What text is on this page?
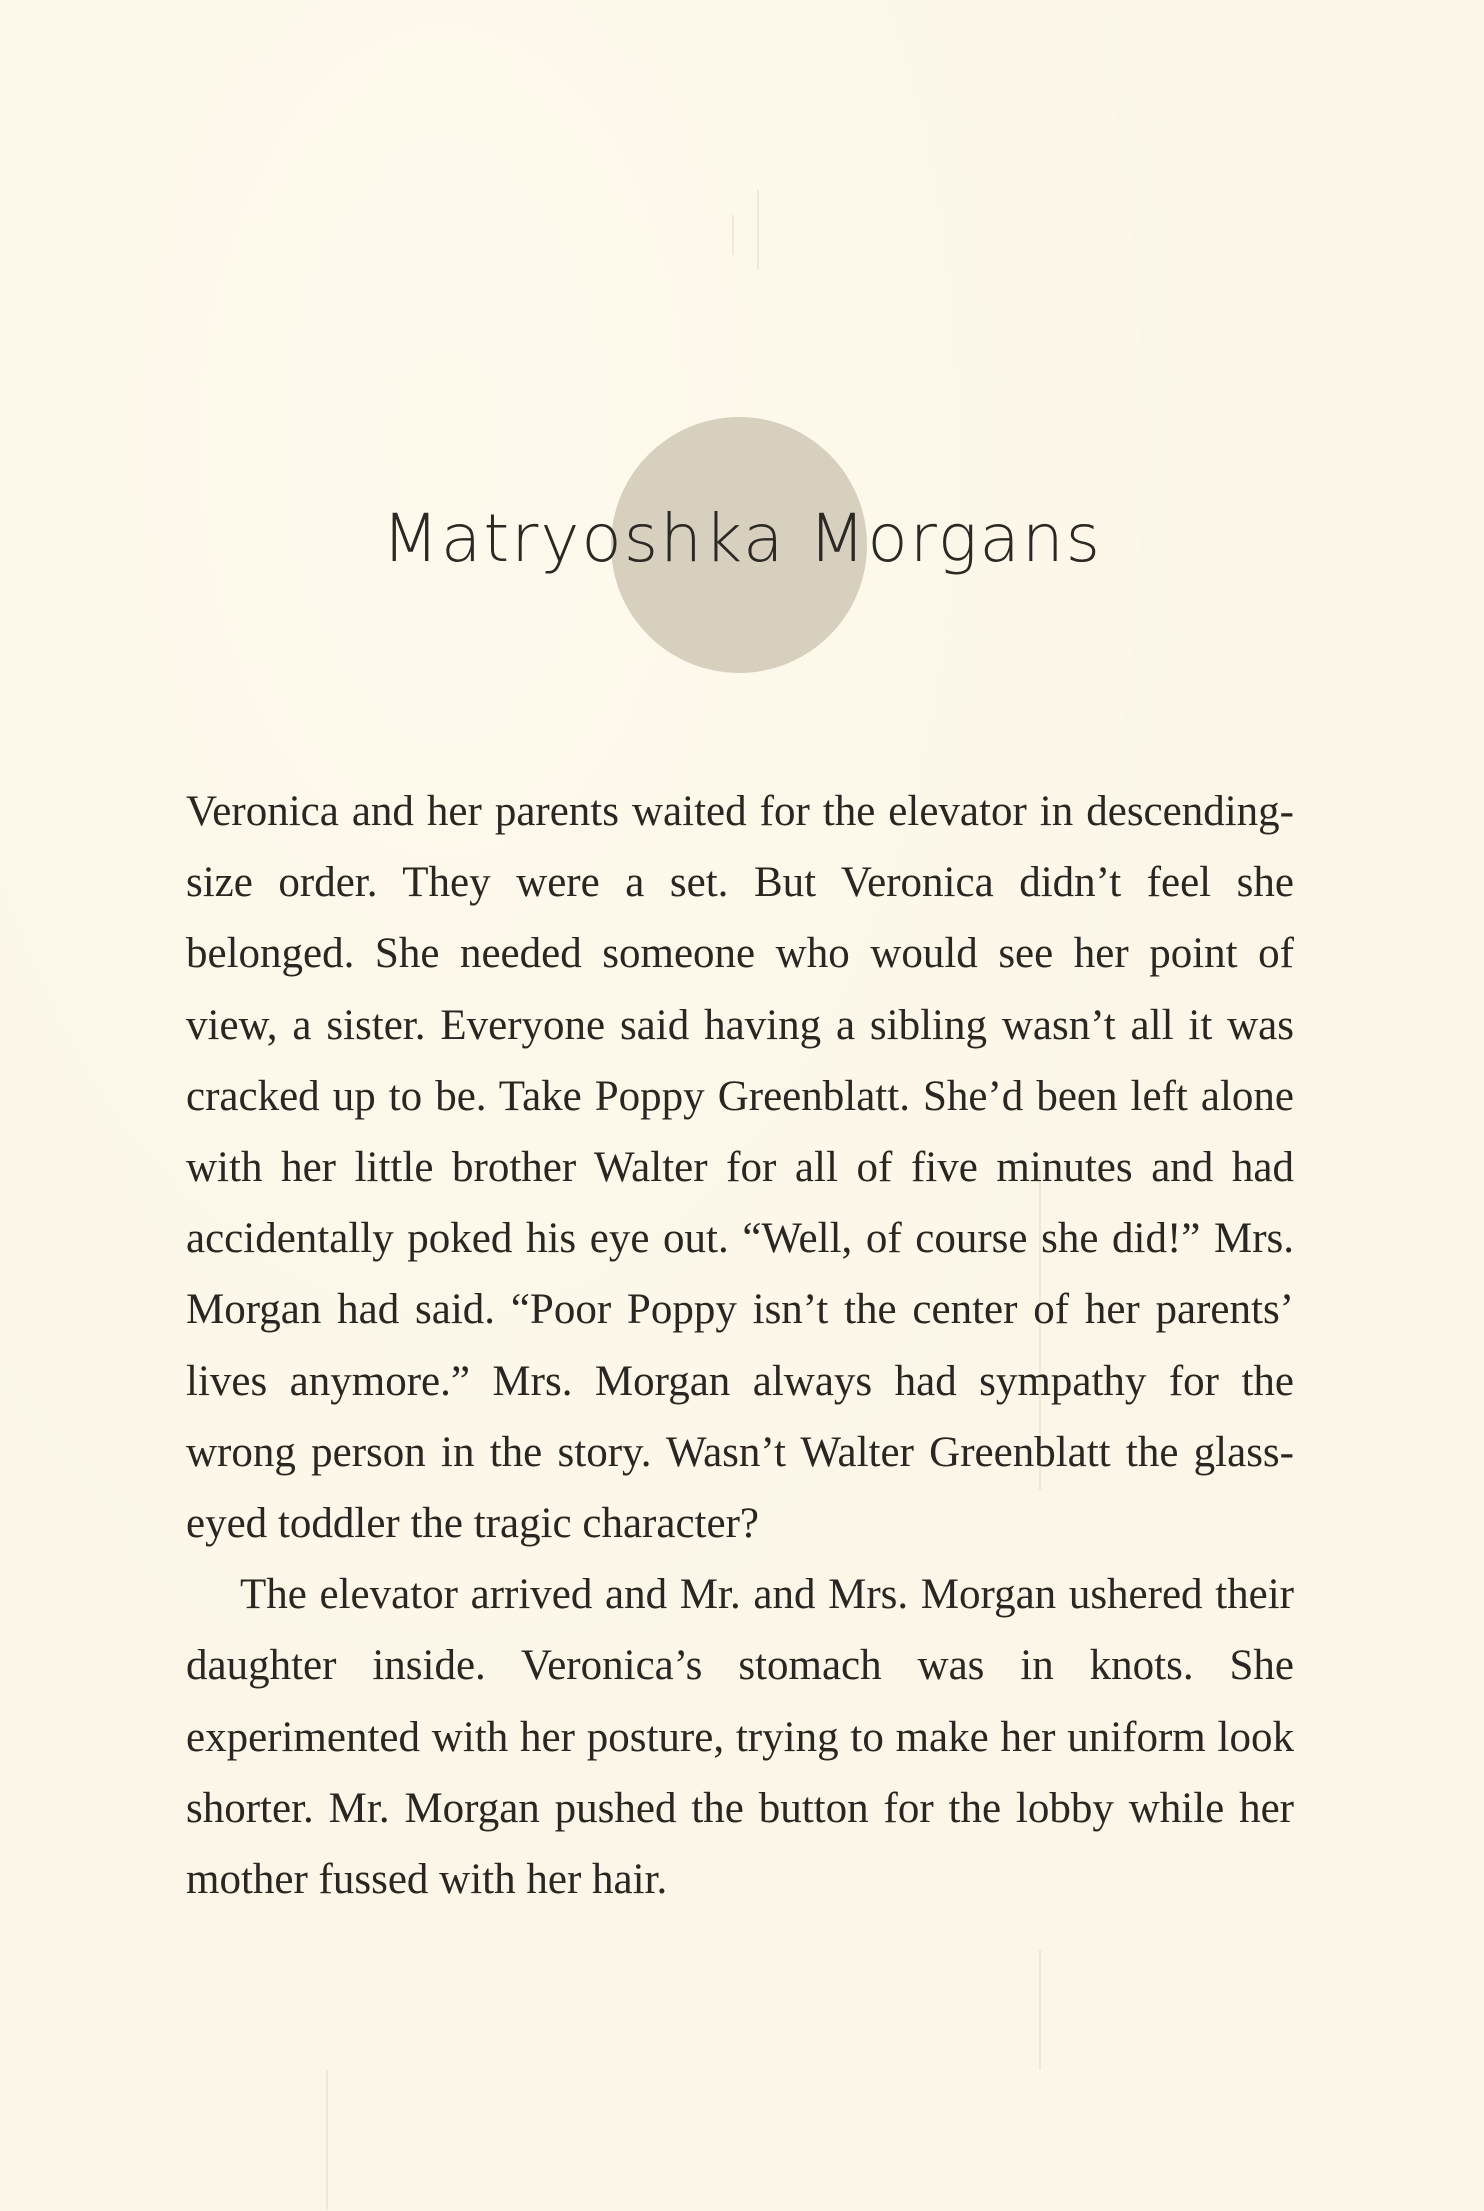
Matryoshka Morgans

Veronica and her parents waited for the elevator in descending-size order. They were a set. But Veronica didn’t feel she belonged. She needed someone who would see her point of view, a sister. Everyone said having a sibling wasn’t all it was cracked up to be. Take Poppy Greenblatt. She’d been left alone with her little brother Walter for all of five minutes and had accidentally poked his eye out. “Well, of course she did!” Mrs. Morgan had said. “Poor Poppy isn’t the center of her parents’ lives anymore.” Mrs. Morgan always had sympathy for the wrong person in the story. Wasn’t Walter Greenblatt the glass-eyed toddler the tragic character?

The elevator arrived and Mr. and Mrs. Morgan ushered their daughter inside. Veronica’s stomach was in knots. She experimented with her posture, trying to make her uniform look shorter. Mr. Morgan pushed the button for the lobby while her mother fussed with her hair.
